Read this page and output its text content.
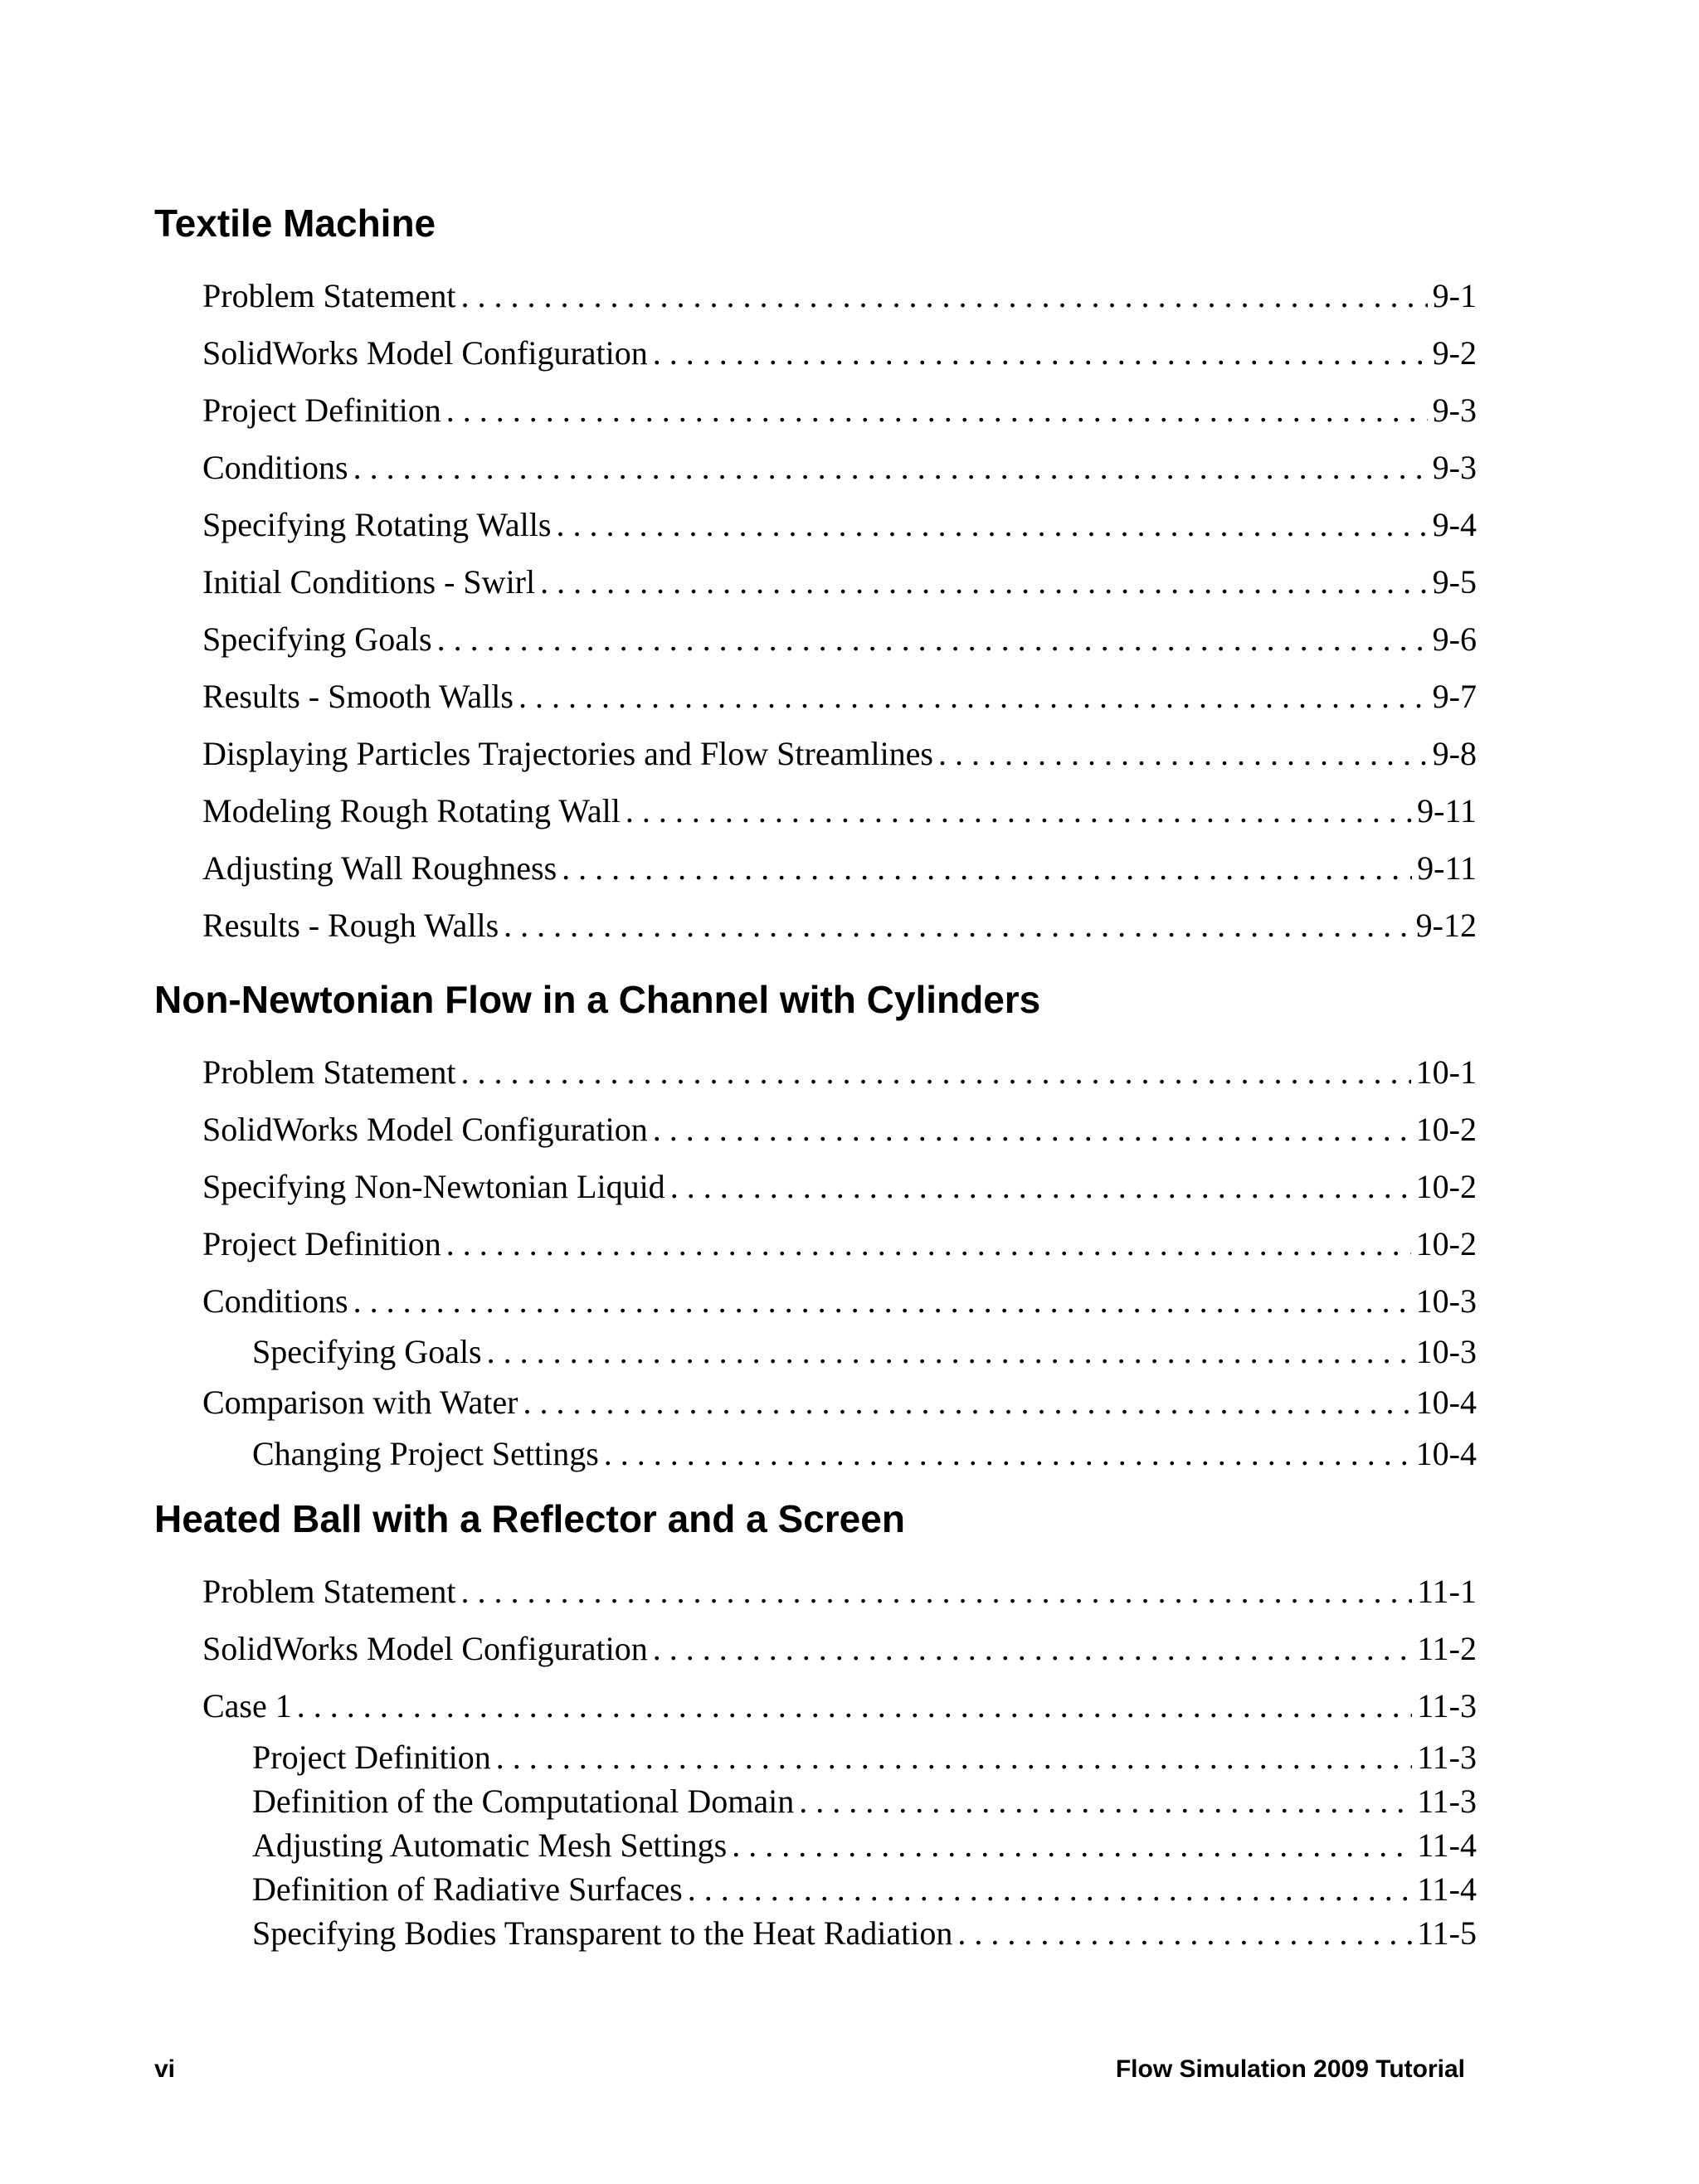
Textile Machine
Problem Statement . . .	9-1
SolidWorks Model Configuration . . .	9-2
Project Definition . . .	9-3
Conditions . . .	9-3
Specifying Rotating Walls . . .	9-4
Initial Conditions - Swirl . . .	9-5
Specifying Goals . . .	9-6
Results - Smooth Walls . . .	9-7
Displaying Particles Trajectories and Flow Streamlines . . .	9-8
Modeling Rough Rotating Wall . . .	9-11
Adjusting Wall Roughness . . .	9-11
Results - Rough Walls . . .	9-12
Non-Newtonian Flow in a Channel with Cylinders
Problem Statement . . .	10-1
SolidWorks Model Configuration . . .	10-2
Specifying Non-Newtonian Liquid . . .	10-2
Project Definition . . .	10-2
Conditions . . .	10-3
Specifying Goals . . .	10-3
Comparison with Water . . .	10-4
Changing Project Settings . . .	10-4
Heated Ball with a Reflector and a Screen
Problem Statement . . .	11-1
SolidWorks Model Configuration . . .	11-2
Case 1 . . .	11-3
Project Definition . . .	11-3
Definition of the Computational Domain . . .	11-3
Adjusting Automatic Mesh Settings . . .	11-4
Definition of Radiative Surfaces . . .	11-4
Specifying Bodies Transparent to the Heat Radiation . . .	11-5
vi	Flow Simulation 2009 Tutorial
